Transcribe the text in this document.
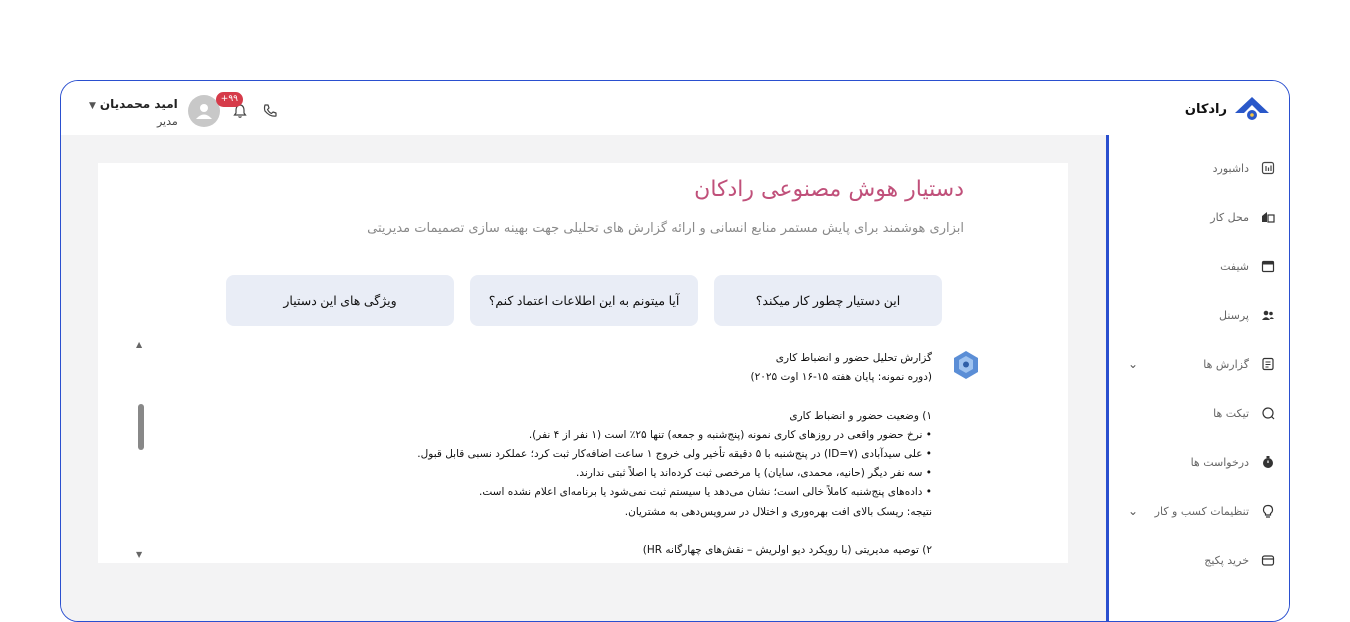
رادکان
▼ امید محمدیان
مدیر
+۹۹
دستیار هوش مصنوعی رادکان
ابزاری هوشمند برای پایش مستمر منابع انسانی و ارائه گزارش های تحلیلی جهت بهینه سازی تصمیمات مدیریتی
این دستیار چطور کار میکند؟
آیا میتونم به این اطلاعات اعتماد کنم؟
ویژگی های این دستیار
گزارش تحلیل حضور و انضباط کاری
(دوره نمونه: پایان هفته ۱۵-۱۶ اوت ۲۰۲۵)

۱) وضعیت حضور و انضباط کاری
• نرخ حضور واقعی در روزهای کاری نمونه (پنج‌شنبه و جمعه) تنها ۲۵٪ است (۱ نفر از ۴ نفر).
• علی سیدآبادی (ID=۷) در پنج‌شنبه با ۵ دقیقه تأخیر ولی خروج ۱ ساعت اضافه‌کار ثبت کرد؛ عملکرد نسبی قابل قبول.
• سه نفر دیگر (حانیه، محمدی، سایان) یا مرخصی ثبت کرده‌اند یا اصلاً ثبتی ندارند.
• داده‌های پنج‌شنبه کاملاً خالی است؛ نشان می‌دهد یا سیستم ثبت نمی‌شود یا برنامه‌ای اعلام نشده است.
نتیجه: ریسک بالای افت بهره‌وری و اختلال در سرویس‌دهی به مشتریان.

۲) توصیه مدیریتی (با رویکرد دیو اولریش – نقش‌های چهارگانه HR)
▲
▼
داشبورد
محل کار
شیفت
پرسنل
گزارش ها
⌄
تیکت ها
درخواست ها
تنظیمات کسب و کار
⌄
خرید پکیج
